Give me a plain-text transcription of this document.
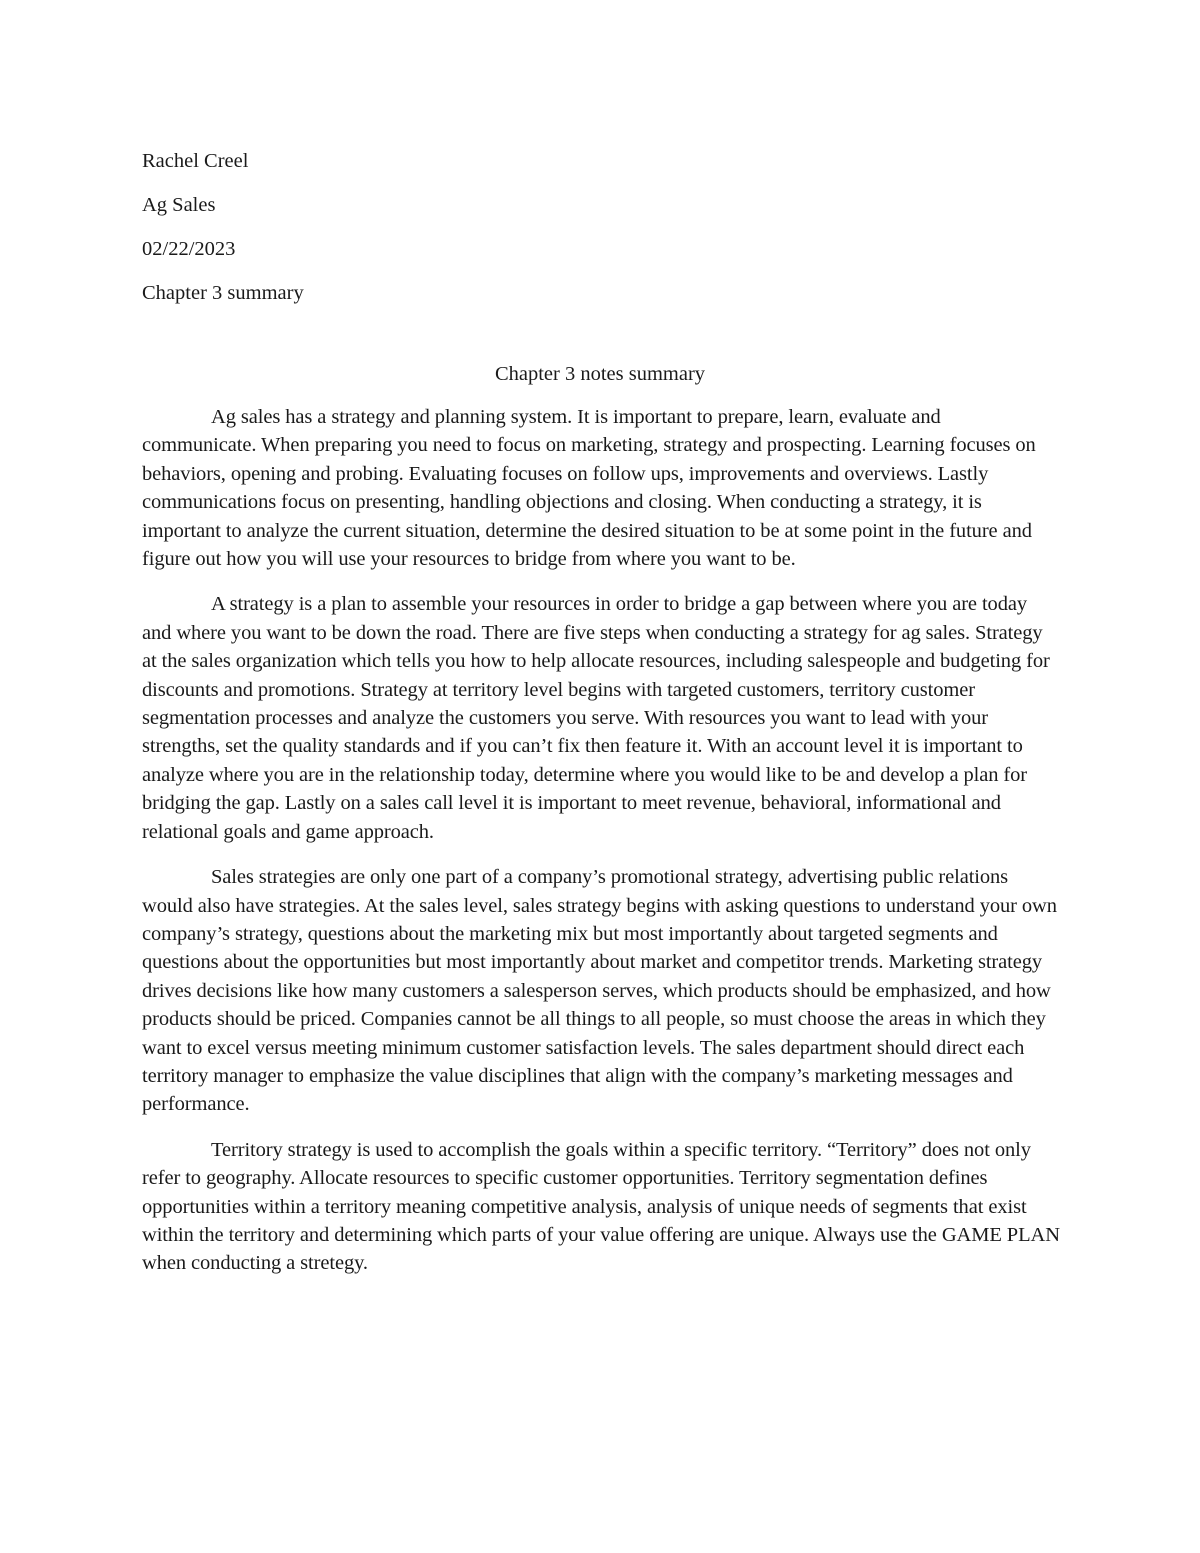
Rachel Creel

Ag Sales

02/22/2023

Chapter 3 summary

Chapter 3 notes summary

Ag sales has a strategy and planning system. It is important to prepare, learn, evaluate and communicate. When preparing you need to focus on marketing, strategy and prospecting. Learning focuses on behaviors, opening and probing. Evaluating focuses on follow ups, improvements and overviews. Lastly communications focus on presenting, handling objections and closing. When conducting a strategy, it is important to analyze the current situation, determine the desired situation to be at some point in the future and figure out how you will use your resources to bridge from where you want to be.

A strategy is a plan to assemble your resources in order to bridge a gap between where you are today and where you want to be down the road. There are five steps when conducting a strategy for ag sales. Strategy at the sales organization which tells you how to help allocate resources, including salespeople and budgeting for discounts and promotions. Strategy at territory level begins with targeted customers, territory customer segmentation processes and analyze the customers you serve. With resources you want to lead with your strengths, set the quality standards and if you can’t fix then feature it. With an account level it is important to analyze where you are in the relationship today, determine where you would like to be and develop a plan for bridging the gap. Lastly on a sales call level it is important to meet revenue, behavioral, informational and relational goals and game approach.

Sales strategies are only one part of a company’s promotional strategy, advertising public relations would also have strategies. At the sales level, sales strategy begins with asking questions to understand your own company’s strategy, questions about the marketing mix but most importantly about targeted segments and questions about the opportunities but most importantly about market and competitor trends. Marketing strategy drives decisions like how many customers a salesperson serves, which products should be emphasized, and how products should be priced. Companies cannot be all things to all people, so must choose the areas in which they want to excel versus meeting minimum customer satisfaction levels. The sales department should direct each territory manager to emphasize the value disciplines that align with the company’s marketing messages and performance.

Territory strategy is used to accomplish the goals within a specific territory. “Territory” does not only refer to geography. Allocate resources to specific customer opportunities. Territory segmentation defines opportunities within a territory meaning competitive analysis, analysis of unique needs of segments that exist within the territory and determining which parts of your value offering are unique. Always use the GAME PLAN when conducting a stretegy.
